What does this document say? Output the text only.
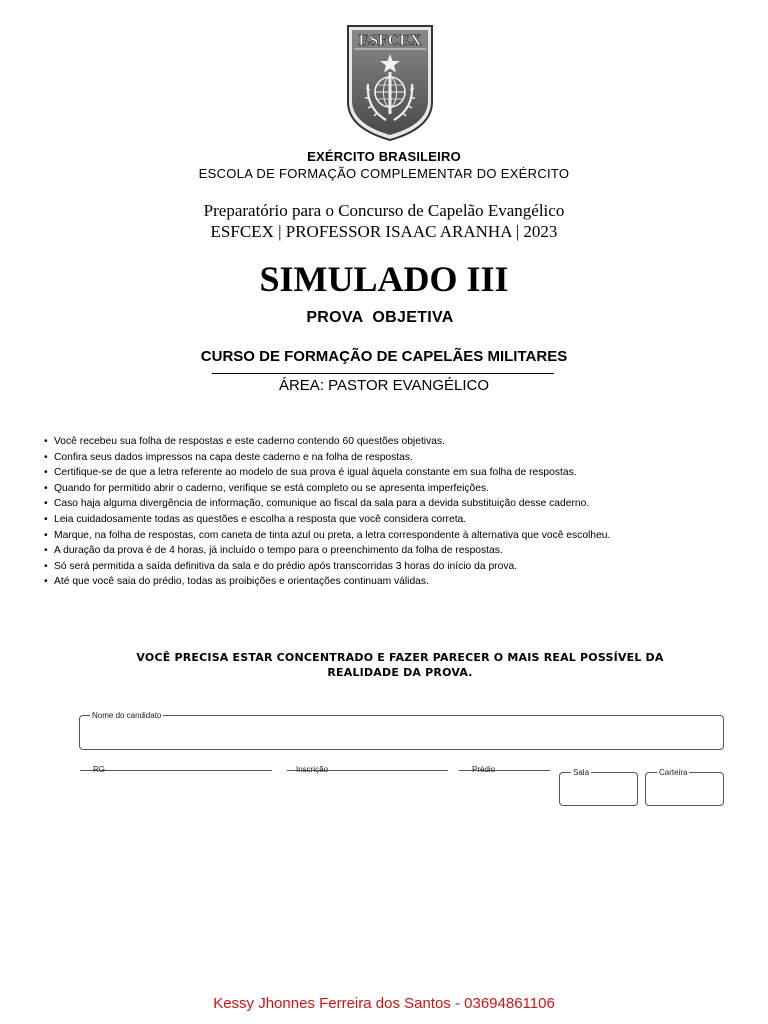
ESFCEX
EXÉRCITO BRASILEIRO
ESCOLA DE FORMAÇÃO COMPLEMENTAR DO EXÉRCITO
Preparatório para o Concurso de Capelão Evangélico
ESFCEX | PROFESSOR ISAAC ARANHA | 2023
SIMULADO III
PROVA  OBJETIVA
CURSO DE FORMAÇÃO DE CAPELÃES MILITARES
ÁREA: PASTOR EVANGÉLICO
• Você recebeu sua folha de respostas e este caderno contendo 60 questões objetivas.
• Confira seus dados impressos na capa deste caderno e na folha de respostas.
• Certifique-se de que a letra referente ao modelo de sua prova é igual àquela constante em sua folha de respostas.
• Quando for permitido abrir o caderno, verifique se está completo ou se apresenta imperfeições.
• Caso haja alguma divergência de informação, comunique ao fiscal da sala para a devida substituição desse caderno.
• Leia cuidadosamente todas as questões e escolha a resposta que você considera correta.
• Marque, na folha de respostas, com caneta de tinta azul ou preta, a letra correspondente à alternativa que você escolheu.
• A duração da prova é de 4 horas, já incluído o tempo para o preenchimento da folha de respostas.
• Só será permitida a saída definitiva da sala e do prédio após transcorridas 3 horas do início da prova.
• Até que você saia do prédio, todas as proibições e orientações continuam válidas.
VOCÊ PRECISA ESTAR CONCENTRADO E FAZER PARECER O MAIS REAL POSSÍVEL DA
REALIDADE DA PROVA.
Nome do candidato
RG	Inscrição	Prédio	Sala	Carteira
Kessy Jhonnes Ferreira dos Santos - 03694861106
